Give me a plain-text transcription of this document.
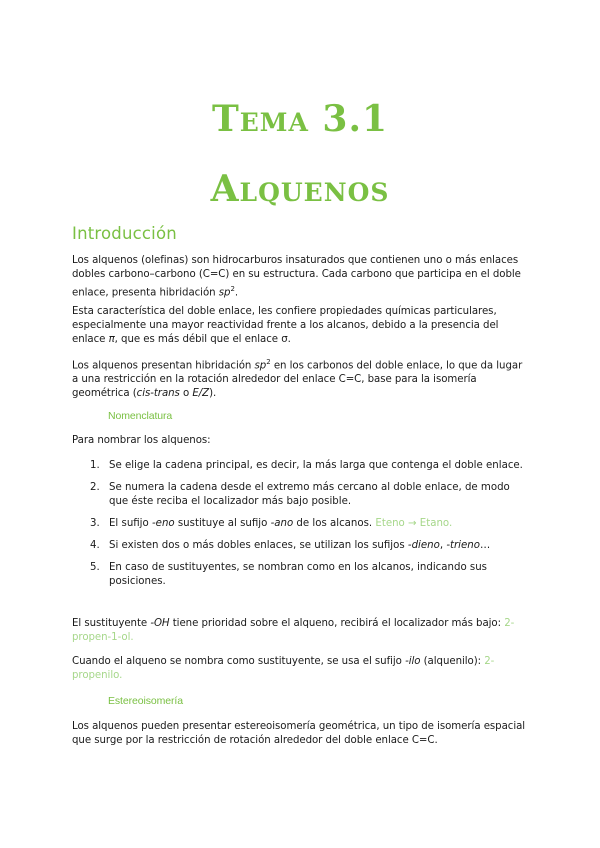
Tema 3.1
Alquenos
Introducción

Los alquenos (olefinas) son hidrocarburos insaturados que contienen uno o más enlaces dobles carbono–carbono (C=C) en su estructura. Cada carbono que participa en el doble enlace, presenta hibridación $sp^2$.

Esta característica del doble enlace, les confiere propiedades químicas particulares, especialmente una mayor reactividad frente a los alcanos, debido a la presencia del enlace π, que es más débil que el enlace σ.

Los alquenos presentan hibridación $sp^2$ en los carbonos del doble enlace, lo que da lugar a una restricción en la rotación alrededor del enlace C=C, base para la isomería geométrica (cis-trans o E/Z).

Nomenclatura

Para nombrar los alquenos:

1. Se elige la cadena principal, es decir, la más larga que contenga el doble enlace.
2. Se numera la cadena desde el extremo más cercano al doble enlace, de modo que éste reciba el localizador más bajo posible.
3. El sufijo -eno sustituye al sufijo -ano de los alcanos. Eteno → Etano.
4. Si existen dos o más dobles enlaces, se utilizan los sufijos -dieno, -trieno…
5. En caso de sustituyentes, se nombran como en los alcanos, indicando sus posiciones.

El sustituyente -OH tiene prioridad sobre el alqueno, recibirá el localizador más bajo: 2-propen-1-ol.

Cuando el alqueno se nombra como sustituyente, se usa el sufijo -ilo (alquenilo): 2-propenilo.

Estereoisomería

Los alquenos pueden presentar estereoisomería geométrica, un tipo de isomería espacial que surge por la restricción de rotación alrededor del doble enlace C=C.
